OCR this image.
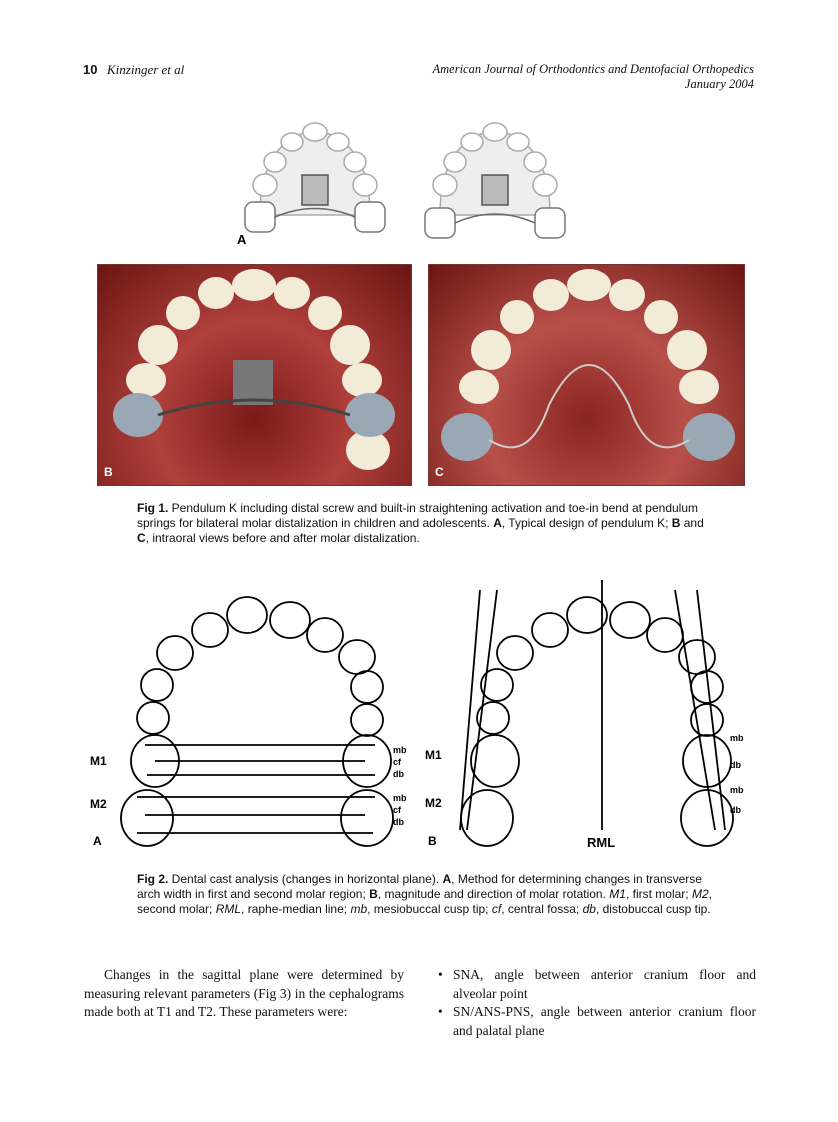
10 Kinzinger et al	American Journal of Orthodontics and Dentofacial Orthopedics
January 2004
A
B	C
Fig 1. Pendulum K including distal screw and built-in straightening activation and toe-in bend at pendulum springs for bilateral molar distalization in children and adolescents. A, Typical design of pendulum K; B and C, intraoral views before and after molar distalization.
M1
M2
A
mb
cf
db
mb
cf
db
M1
M2
B	RML
mb
db
mb
db
Fig 2. Dental cast analysis (changes in horizontal plane). A, Method for determining changes in transverse arch width in first and second molar region; B, magnitude and direction of molar rotation. M1, first molar; M2, second molar; RML, raphe-median line; mb, mesiobuccal cusp tip; cf, central fossa; db, distobuccal cusp tip.
Changes in the sagittal plane were determined by measuring relevant parameters (Fig 3) in the cephalograms made both at T1 and T2. These parameters were:
• SNA, angle between anterior cranium floor and alveolar point
• SN/ANS-PNS, angle between anterior cranium floor and palatal plane
